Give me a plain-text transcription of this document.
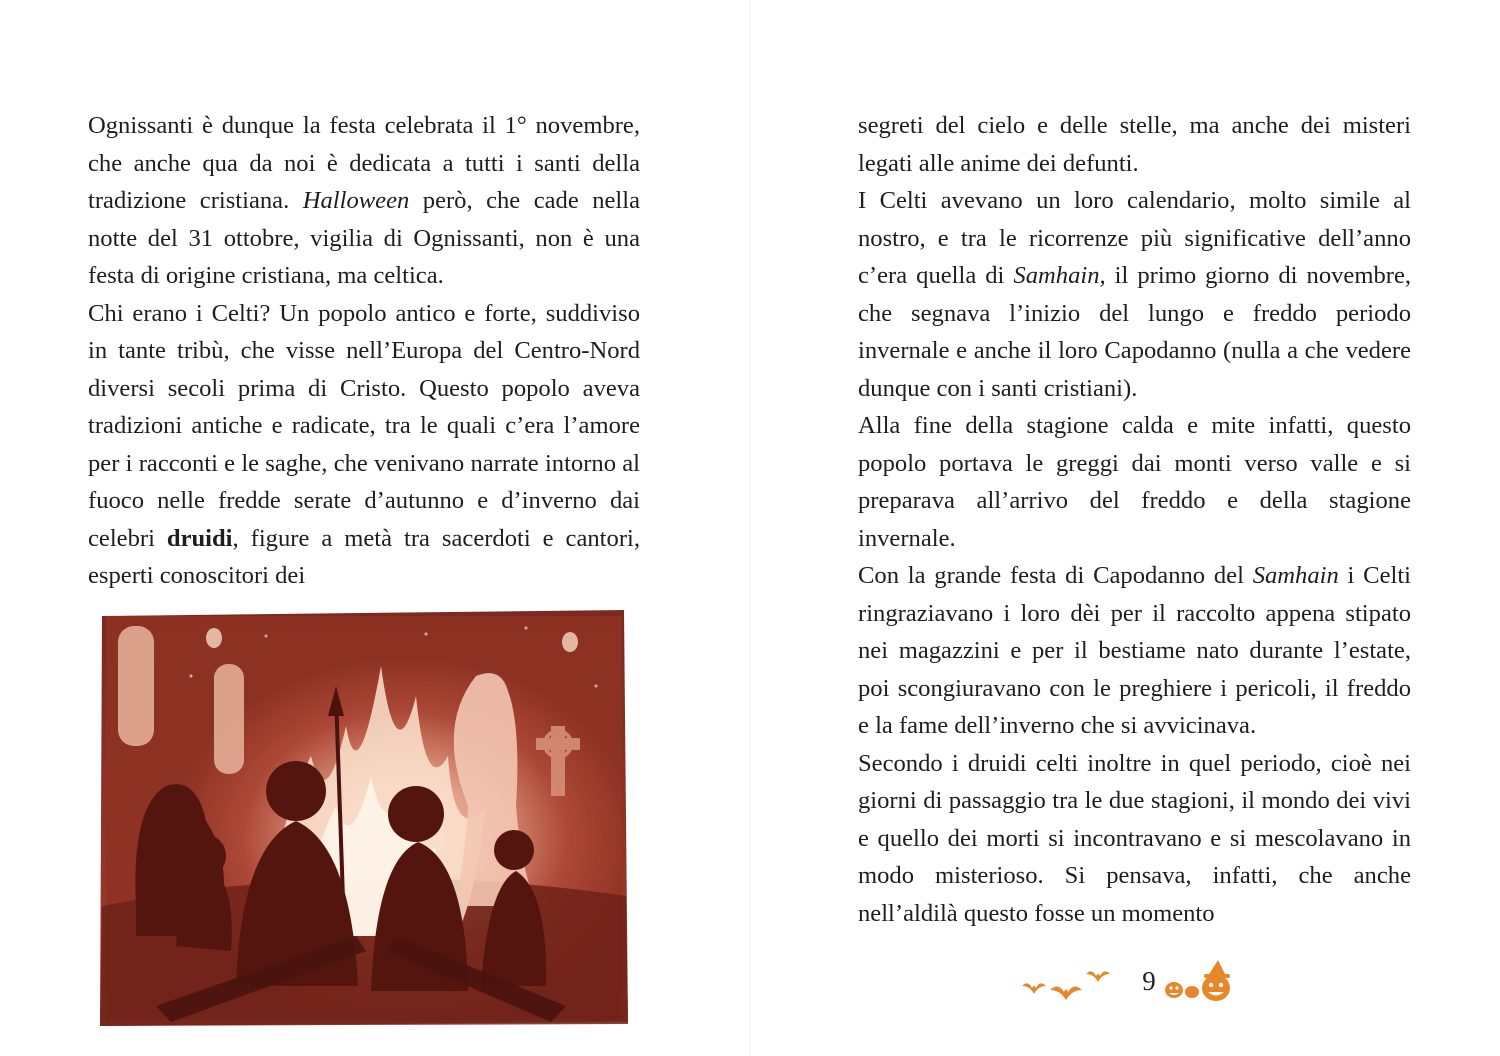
Ognissanti è dunque la festa celebrata il 1° novembre, che anche qua da noi è dedicata a tutti i santi della tradizione cristiana. Halloween però, che cade nella notte del 31 ottobre, vigilia di Ognissanti, non è una festa di origine cristiana, ma celtica.

Chi erano i Celti? Un popolo antico e forte, suddiviso in tante tribù, che visse nell’Europa del Centro-Nord diversi secoli prima di Cristo. Questo popolo aveva tradizioni antiche e radicate, tra le quali c’era l’amore per i racconti e le saghe, che venivano narrate intorno al fuoco nelle fredde serate d’autunno e d’inverno dai celebri druidi, figure a metà tra sacerdoti e cantori, esperti conoscitori dei

segreti del cielo e delle stelle, ma anche dei misteri legati alle anime dei defunti.

I Celti avevano un loro calendario, molto simile al nostro, e tra le ricorrenze più significative dell’anno c’era quella di Samhain, il primo giorno di novembre, che segnava l’inizio del lungo e freddo periodo invernale e anche il loro Capodanno (nulla a che vedere dunque con i santi cristiani).

Alla fine della stagione calda e mite infatti, questo popolo portava le greggi dai monti verso valle e si preparava all’arrivo del freddo e della stagione invernale.

Con la grande festa di Capodanno del Samhain i Celti ringraziavano i loro dèi per il raccolto appena stipato nei magazzini e per il bestiame nato durante l’estate, poi scongiuravano con le preghiere i pericoli, il freddo e la fame dell’inverno che si avvicinava.

Secondo i druidi celti inoltre in quel periodo, cioè nei giorni di passaggio tra le due stagioni, il mondo dei vivi e quello dei morti si incontravano e si mescolavano in modo misterioso. Si pensava, infatti, che anche nell’aldilà questo fosse un momento

9
